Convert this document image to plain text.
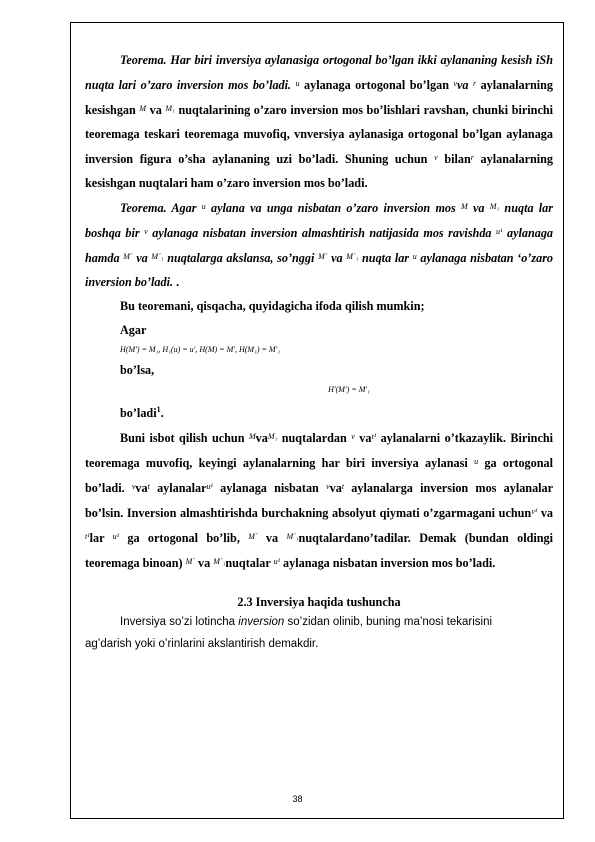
Teorema. Har biri inversiya aylanasiga ortogonal bo’lgan ikki aylananing kesish iSh nuqta lari o’zaro inversion mos bo’ladi. $^u$ aylanaga ortogonal bo’lgan $^v$va $^r$ aylanalarning kesishgan $^M$ va $^{M_1}$ nuqtalarining o’zaro inversion mos bo’lishlari ravshan, chunki birinchi teoremaga teskari teoremaga muvofiq, vnversiya aylanasiga ortogonal bo’lgan aylanaga inversion figura o’sha aylananing uzi bo’ladi. Shuning uchun $^v$ bilan$^r$ aylanalarning kesishgan nuqtalari ham o’zaro inversion mos bo’ladi.

Teorema. Agar $^u$ aylana va unga nisbatan o’zaro inversion mos $^M$ va $^{M_1}$ nuqta lar boshqa bir $^v$ aylanaga nisbatan inversion almashtirish natijasida mos ravishda $^{u^1}$ aylanaga hamda $^{M´}$ va $^{M´_1}$ nuqtalarga akslansa, so’nggi $^{M´}$ va $^{M´_1}$ nuqta lar $^u$ aylanaga nisbatan ‘o’zaro inversion bo’ladi. .

Bu teoremani, qisqacha, quyidagicha ifoda qilish mumkin;

Agar

H(M′) = M₁, H₁(u) = u′, H(M) = M′, H(M₁) = M′₁

bo’lsa,

H′(M′) = M′₁

bo’ladi$^1$.

Buni isbot qilish uchun $^Mva^{M_1}$ nuqtalardan $^v$ $va^{t^1}$ aylanalarni o’tkazaylik. Birinchi teoremaga muvofiq, keyingi aylanalarning har biri inversiya aylanasi $^u$ ga ortogonal bo’ladi. $^vva^t$ aylanalar$^{u^1}$ aylanaga nisbatan $^vva^t$ aylanalarga inversion mos aylanalar bo’lsin. Inversion almashtirishda burchakning absolyut qiymati o’zgarmagani uchun$^{v^1}$ va $^{t^1}$lar $^{u^1}$ ga ortogonal bo’lib, $^{M´}$ va $^{M´_1}$nuqtalardano’tadilar. Demak (bundan oldingi teoremaga binoan) $^{M´}$ va $^{M´_1}$nuqtalar $^{u^1}$ aylanaga nisbatan inversion mos bo’ladi.

2.3 Inversiya haqida tushuncha

Inversiya so’zi lotincha inversion so’zidan olinib, buning ma’nosi tekarisini

ag’darish yoki o’rinlarini akslantirish demakdir.

38
